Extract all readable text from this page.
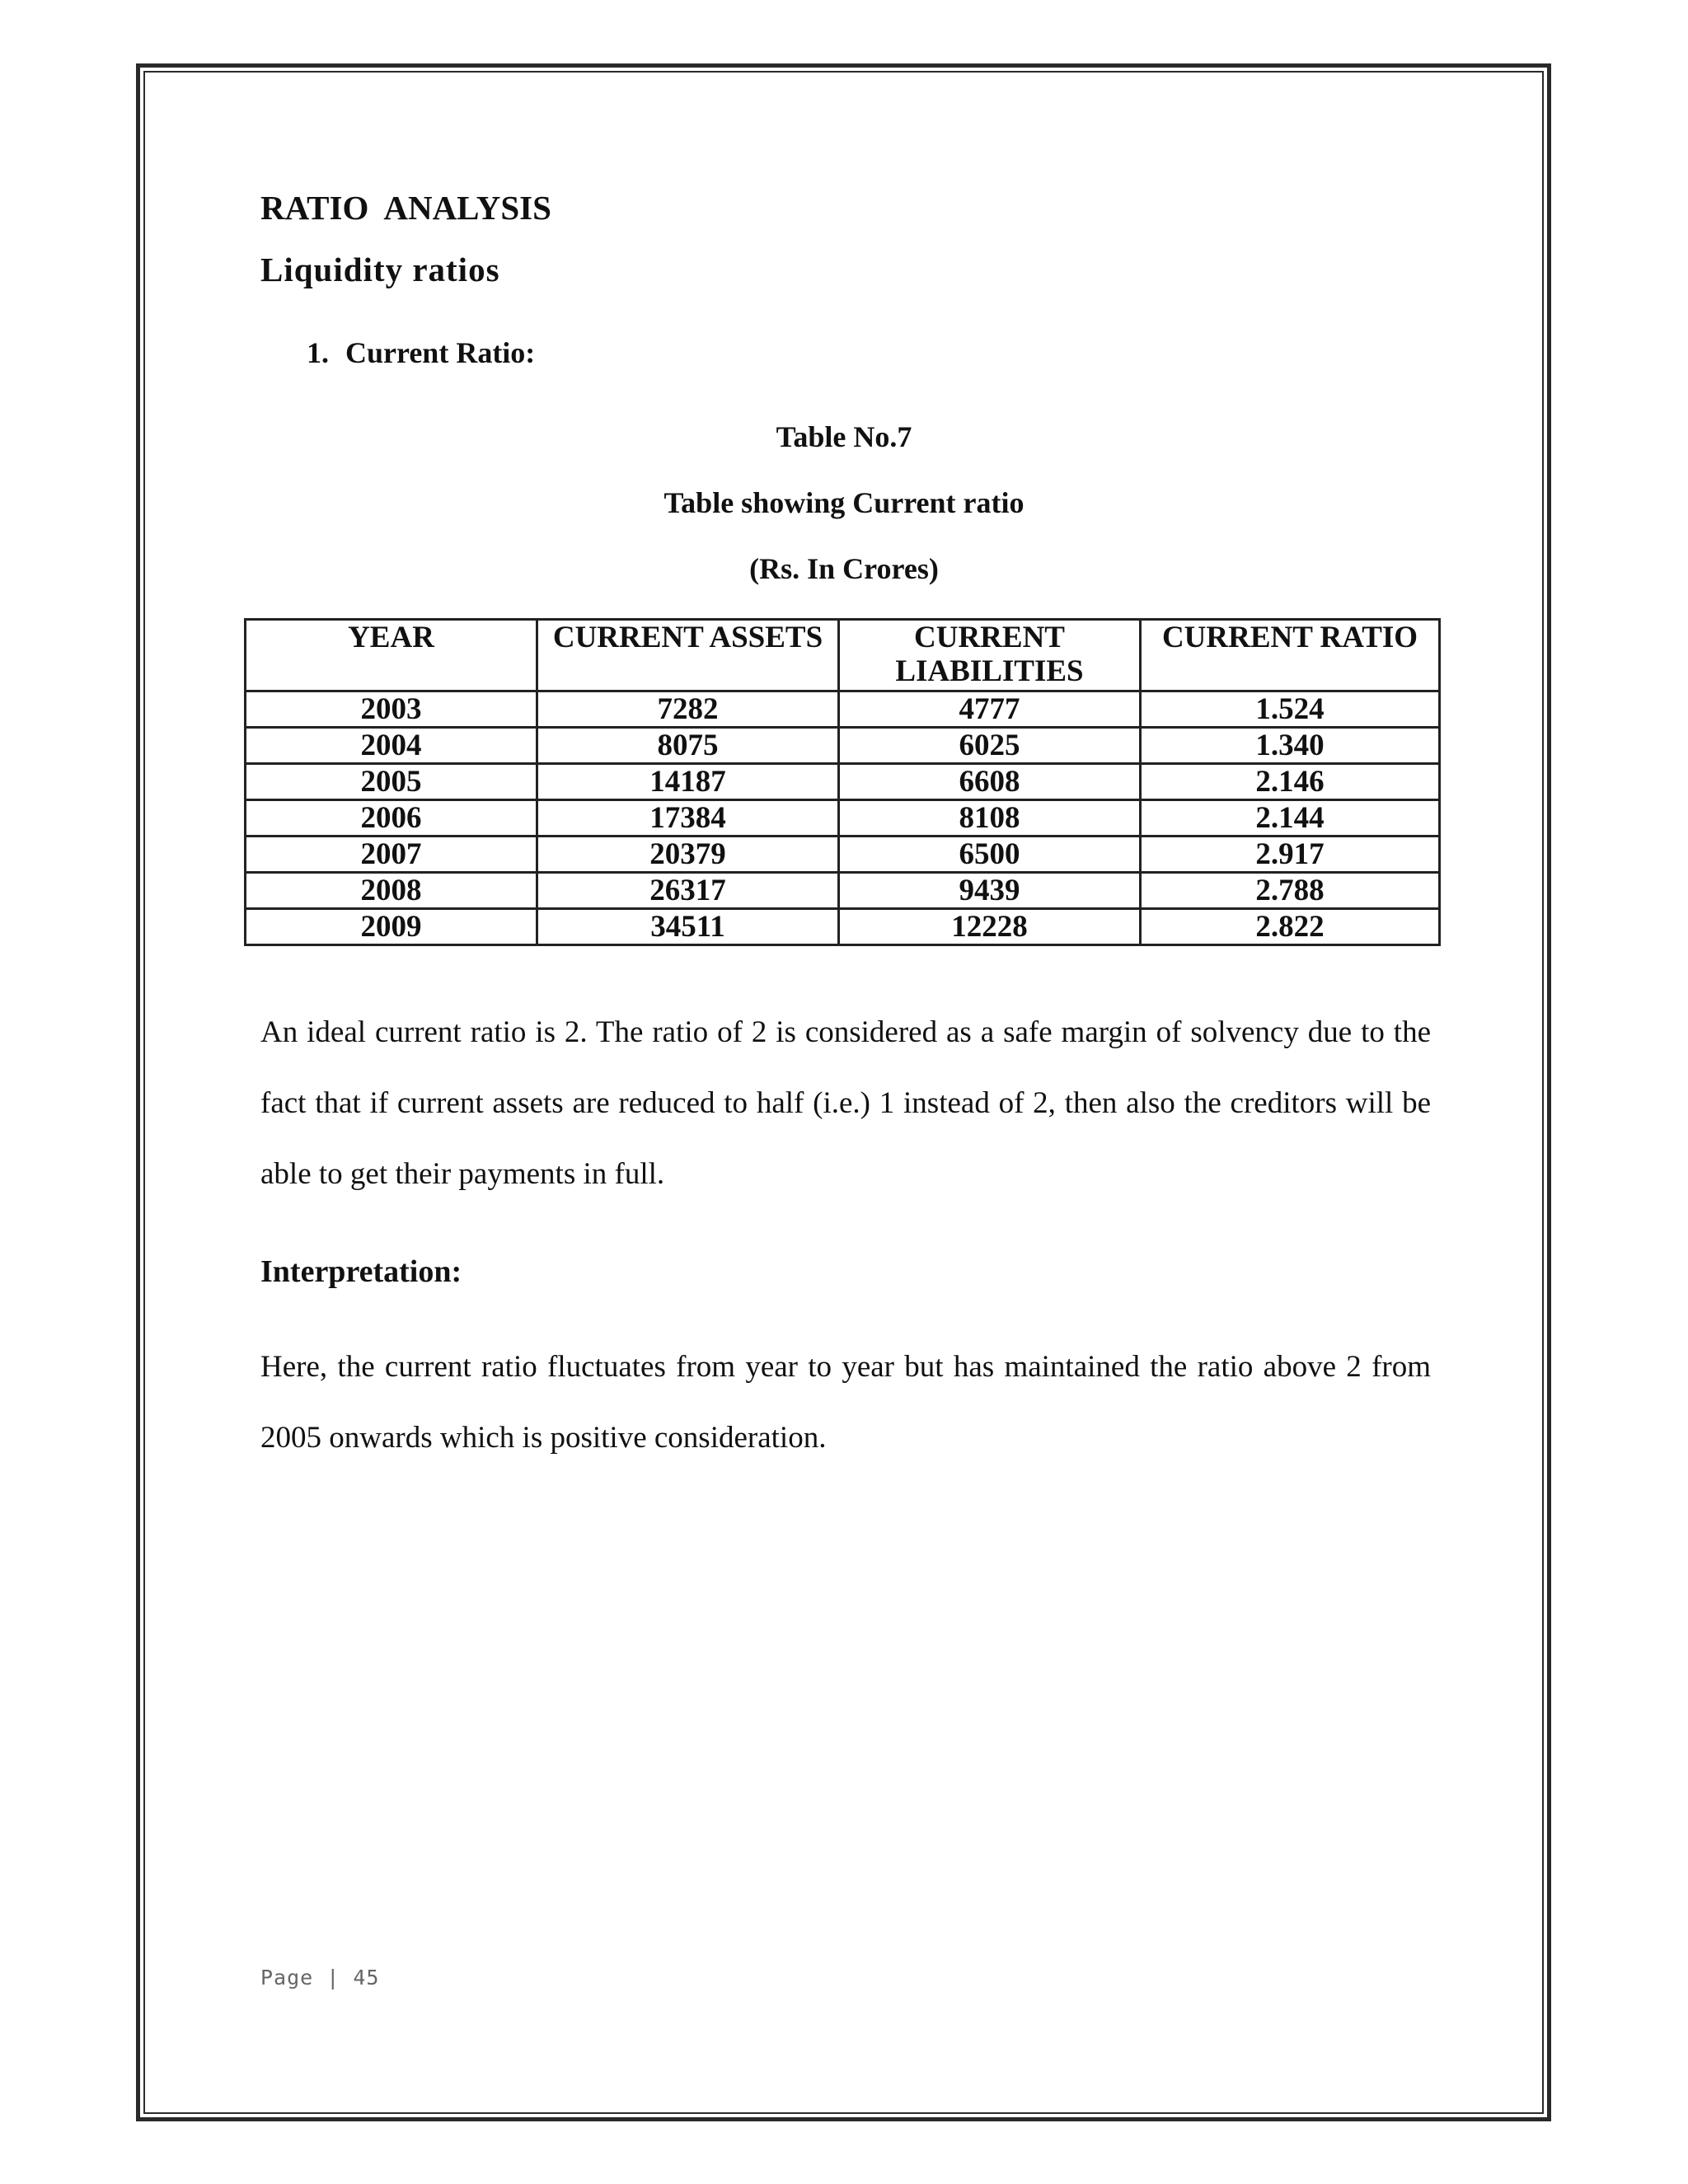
RATIO ANALYSIS
Liquidity ratios
1. Current Ratio:
Table No.7
Table showing Current ratio
(Rs. In Crores)
YEAR	CURRENT ASSETS	CURRENT LIABILITIES	CURRENT RATIO
2003	7282	4777	1.524
2004	8075	6025	1.340
2005	14187	6608	2.146
2006	17384	8108	2.144
2007	20379	6500	2.917
2008	26317	9439	2.788
2009	34511	12228	2.822

An ideal current ratio is 2. The ratio of 2 is considered as a safe margin of solvency due to the fact that if current assets are reduced to half (i.e.) 1 instead of 2, then also the creditors will be able to get their payments in full.

Interpretation:

Here, the current ratio fluctuates from year to year but has maintained the ratio above 2 from 2005 onwards which is positive consideration.

Page | 45
